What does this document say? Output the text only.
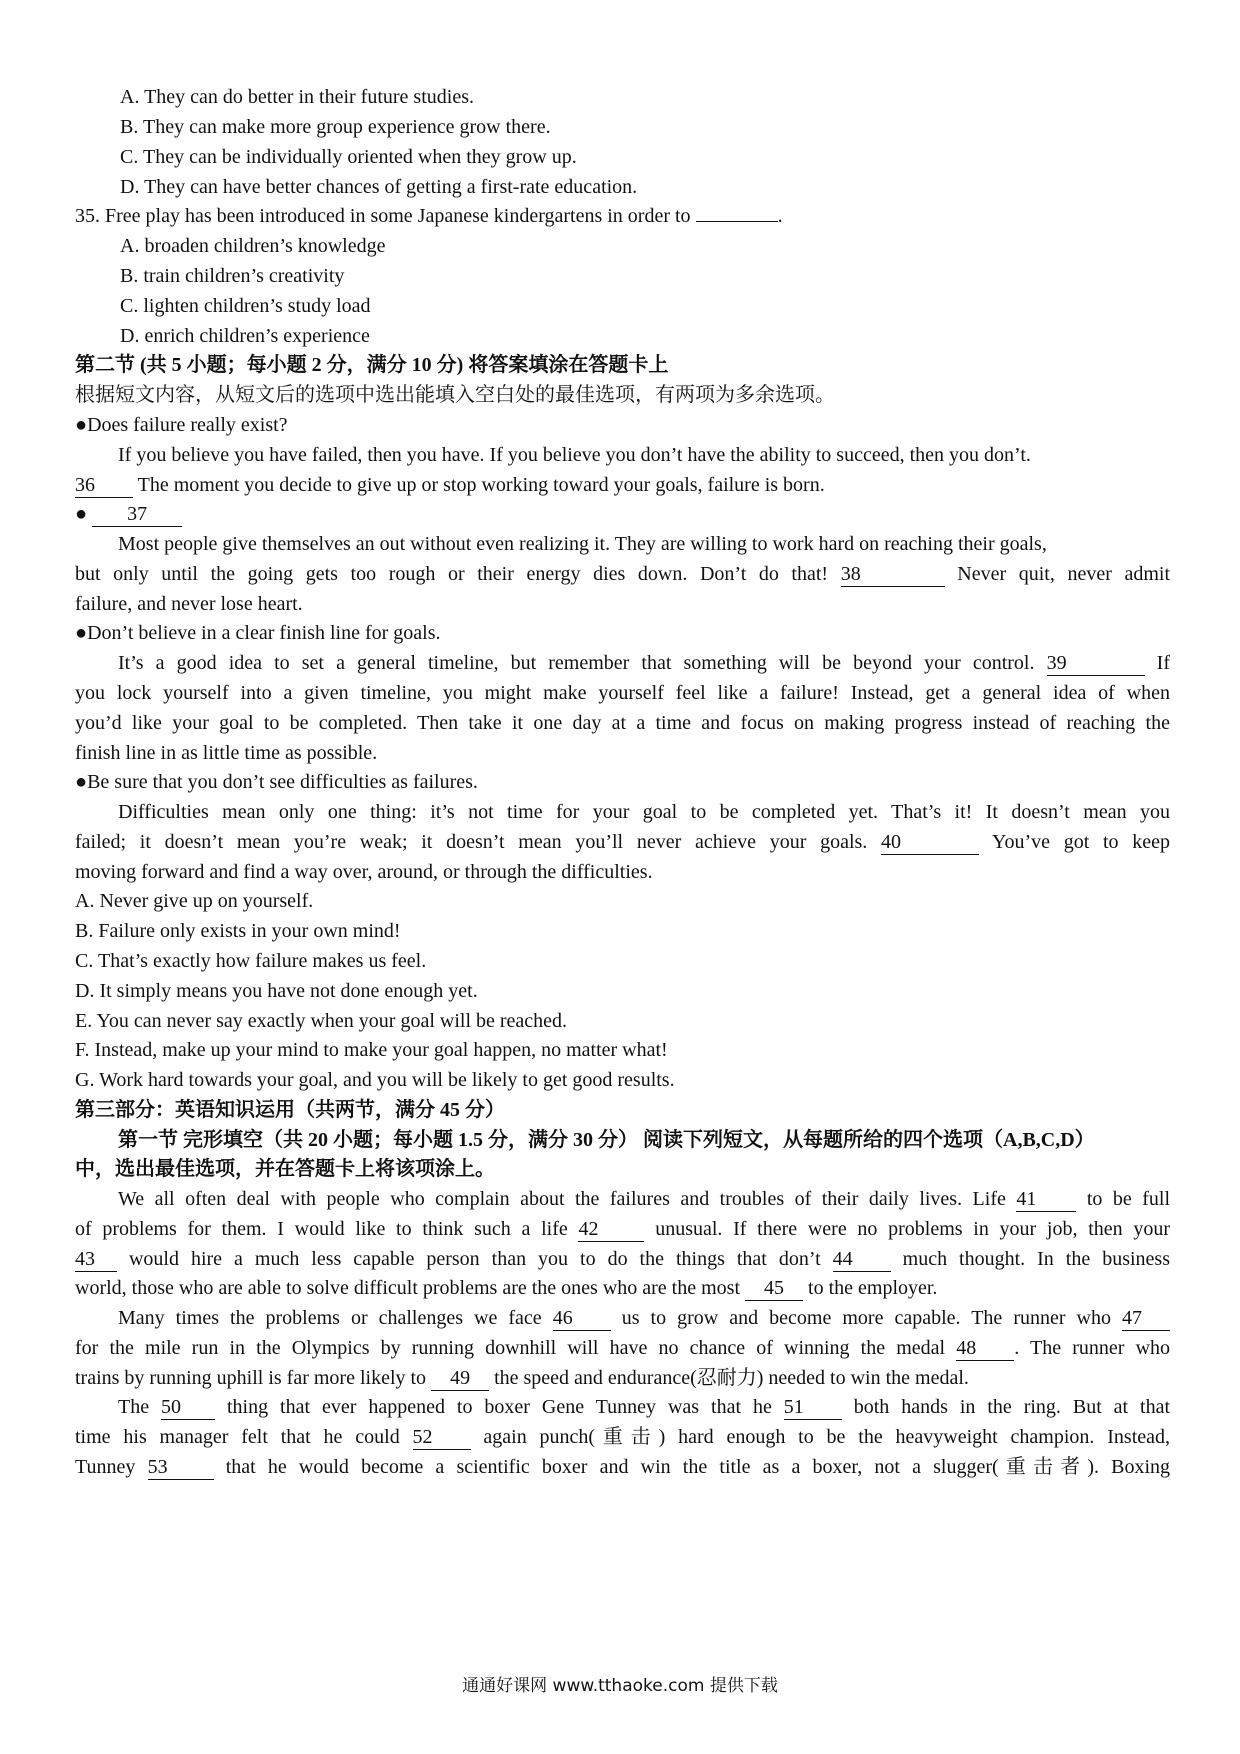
A. They can do better in their future studies.
B. They can make more group experience grow there.
C. They can be individually oriented when they grow up.
D. They can have better chances of getting a first-rate education.
35. Free play has been introduced in some Japanese kindergartens in order to	.
A. broaden children’s knowledge
B. train children’s creativity
C. lighten children’s study load
D. enrich children’s experience
第二节 (共 5 小题；每小题 2 分，满分 10 分) 将答案填涂在答题卡上
根据短文内容，从短文后的选项中选出能填入空白处的最佳选项，有两项为多余选项。
●Does failure really exist?
If you believe you have failed, then you have. If you believe you don’t have the ability to succeed, then you don’t.
36 The moment you decide to give up or stop working toward your goals, failure is born.
● 37
Most people give themselves an out without even realizing it. They are willing to work hard on reaching their goals,
but only until the going gets too rough or their energy dies down. Don’t do that! 38	Never quit, never admit
failure, and never lose heart.
●Don’t believe in a clear finish line for goals.
It’s a good idea to set a general timeline, but remember that something will be beyond your control. 39	If
you lock yourself into a given timeline, you might make yourself feel like a failure! Instead, get a general idea of when
you’d like your goal to be completed. Then take it one day at a time and focus on making progress instead of reaching the
finish line in as little time as possible.
●Be sure that you don’t see difficulties as failures.
Difficulties mean only one thing: it’s not time for your goal to be completed yet. That’s it! It doesn’t mean you
failed; it doesn’t mean you’re weak; it doesn’t mean you’ll never achieve your goals. 40	You’ve got to keep
moving forward and find a way over, around, or through the difficulties.
A. Never give up on yourself.
B. Failure only exists in your own mind!
C. That’s exactly how failure makes us feel.
D. It simply means you have not done enough yet.
E. You can never say exactly when your goal will be reached.
F. Instead, make up your mind to make your goal happen, no matter what!
G. Work hard towards your goal, and you will be likely to get good results.
第三部分：英语知识运用（共两节，满分 45 分）
第一节 完形填空（共 20 小题；每小题 1.5 分，满分 30 分） 阅读下列短文，从每题所给的四个选项（A,B,C,D）
中，选出最佳选项，并在答题卡上将该项涂上。
We all often deal with people who complain about the failures and troubles of their daily lives. Life 41	to be full
of problems for them. I would like to think such a life 42	unusual. If there were no problems in your job, then your
43 would hire a much less capable person than you to do the things that don’t 44 much thought. In the business
world, those who are able to solve difficult problems are the ones who are the most 45 to the employer.
Many times the problems or challenges we face 46 us to grow and become more capable. The runner who 47
for the mile run in the Olympics by running downhill will have no chance of winning the medal 48 . The runner who
trains by running uphill is far more likely to 49 the speed and endurance(忍耐力) needed to win the medal.
The 50 thing that ever happened to boxer Gene Tunney was that he 51 both hands in the ring. But at that
time his manager felt that he could 52	again punch(重击) hard enough to be the heavyweight champion. Instead,
Tunney 53	that he would become a scientific boxer and win the title as a boxer, not a slugger(重击者). Boxing
通通好课网 www.tthaoke.com 提供下载
